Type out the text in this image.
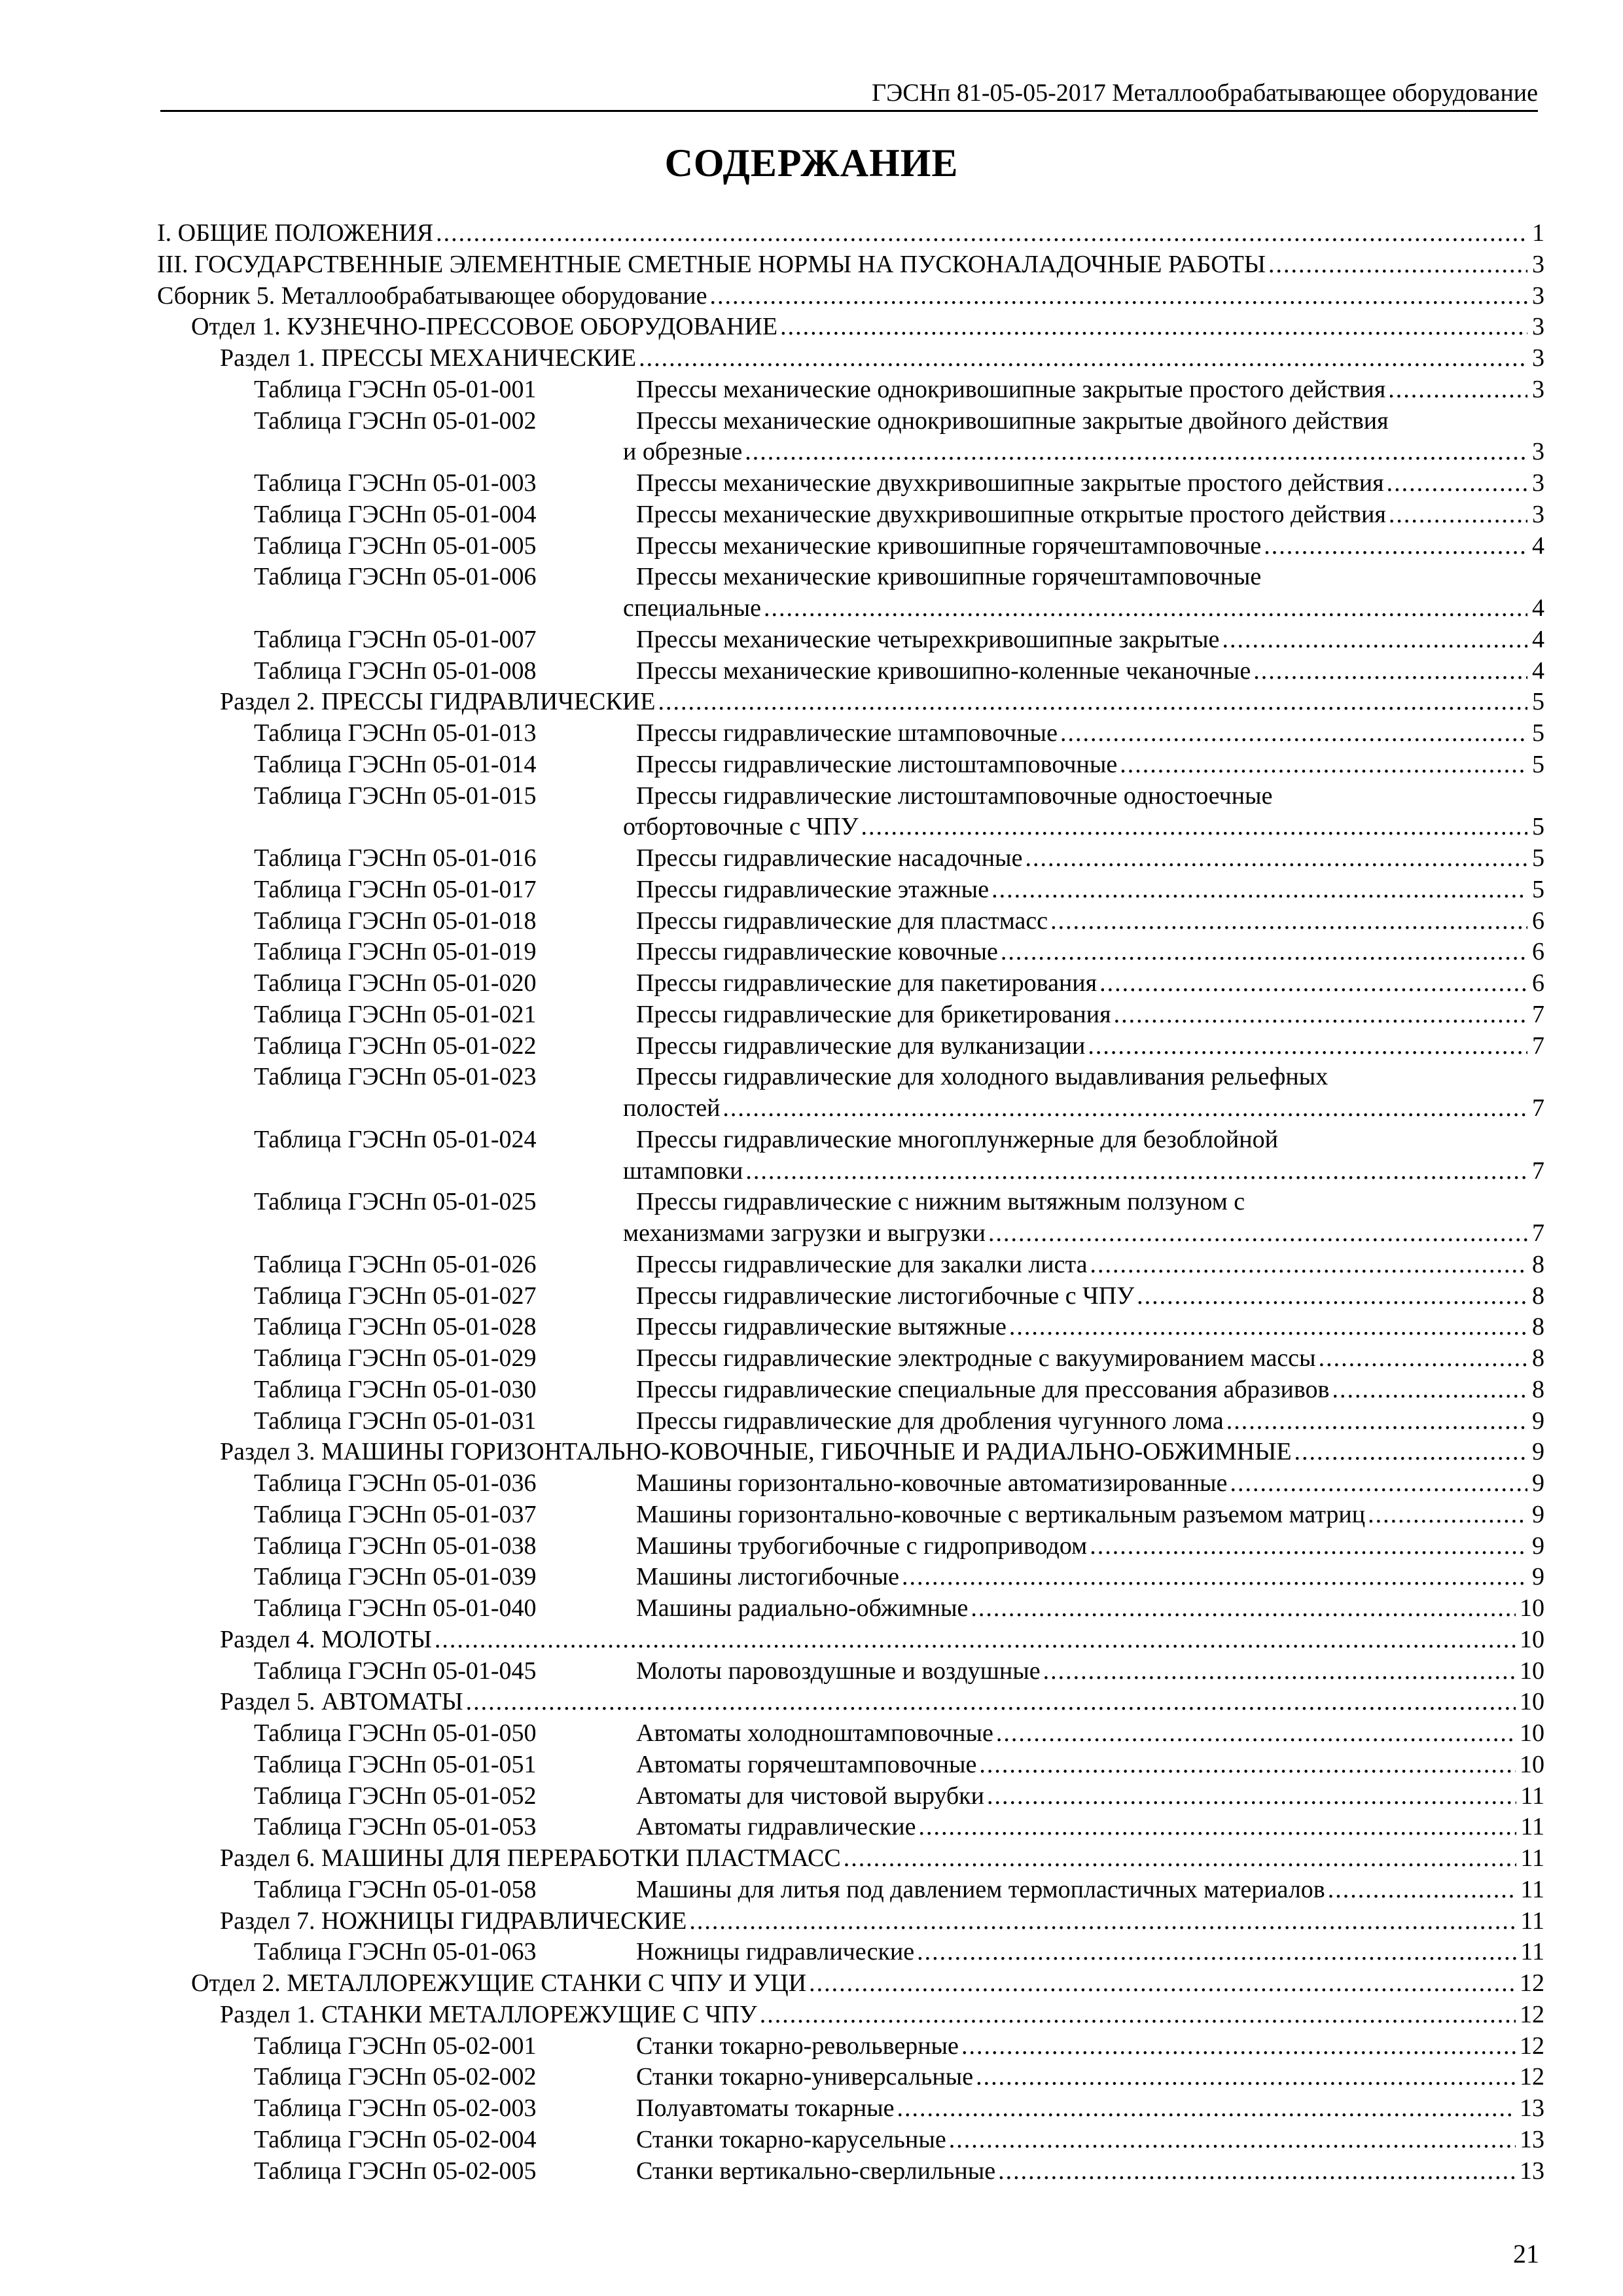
ГЭСНп 81-05-05-2017 Металлообрабатывающее оборудование
СОДЕРЖАНИЕ
I. ОБЩИЕ ПОЛОЖЕНИЯ .....	1
III. ГОСУДАРСТВЕННЫЕ ЭЛЕМЕНТНЫЕ СМЕТНЫЕ НОРМЫ НА ПУСКОНАЛАДОЧНЫЕ РАБОТЫ .....	3
Сборник 5. Металлообрабатывающее оборудование .....	3
Отдел 1. КУЗНЕЧНО-ПРЕССОВОЕ ОБОРУДОВАНИЕ .....	3
Раздел 1. ПРЕССЫ МЕХАНИЧЕСКИЕ .....	3
Таблица ГЭСНп 05-01-001	Прессы механические однокривошипные закрытые простого действия .....	3
Таблица ГЭСНп 05-01-002	Прессы механические однокривошипные закрытые двойного действия
и обрезные .....	3
Таблица ГЭСНп 05-01-003	Прессы механические двухкривошипные закрытые простого действия .....	3
Таблица ГЭСНп 05-01-004	Прессы механические двухкривошипные открытые простого действия .....	3
Таблица ГЭСНп 05-01-005	Прессы механические кривошипные горячештамповочные .....	4
Таблица ГЭСНп 05-01-006	Прессы механические кривошипные горячештамповочные
специальные .....	4
Таблица ГЭСНп 05-01-007	Прессы механические четырехкривошипные закрытые .....	4
Таблица ГЭСНп 05-01-008	Прессы механические кривошипно-коленные чеканочные .....	4
Раздел 2. ПРЕССЫ ГИДРАВЛИЧЕСКИЕ .....	5
Таблица ГЭСНп 05-01-013	Прессы гидравлические штамповочные .....	5
Таблица ГЭСНп 05-01-014	Прессы гидравлические листоштамповочные .....	5
Таблица ГЭСНп 05-01-015	Прессы гидравлические листоштамповочные одностоечные
отбортовочные с ЧПУ .....	5
Таблица ГЭСНп 05-01-016	Прессы гидравлические насадочные .....	5
Таблица ГЭСНп 05-01-017	Прессы гидравлические этажные .....	5
Таблица ГЭСНп 05-01-018	Прессы гидравлические для пластмасс .....	6
Таблица ГЭСНп 05-01-019	Прессы гидравлические ковочные .....	6
Таблица ГЭСНп 05-01-020	Прессы гидравлические для пакетирования .....	6
Таблица ГЭСНп 05-01-021	Прессы гидравлические для брикетирования .....	7
Таблица ГЭСНп 05-01-022	Прессы гидравлические для вулканизации .....	7
Таблица ГЭСНп 05-01-023	Прессы гидравлические для холодного выдавливания рельефных
полостей .....	7
Таблица ГЭСНп 05-01-024	Прессы гидравлические многоплунжерные для безоблойной
штамповки .....	7
Таблица ГЭСНп 05-01-025	Прессы гидравлические с нижним вытяжным ползуном с
механизмами загрузки и выгрузки .....	7
Таблица ГЭСНп 05-01-026	Прессы гидравлические для закалки листа .....	8
Таблица ГЭСНп 05-01-027	Прессы гидравлические листогибочные с ЧПУ .....	8
Таблица ГЭСНп 05-01-028	Прессы гидравлические вытяжные .....	8
Таблица ГЭСНп 05-01-029	Прессы гидравлические электродные с вакуумированием массы .....	8
Таблица ГЭСНп 05-01-030	Прессы гидравлические специальные для прессования абразивов .....	8
Таблица ГЭСНп 05-01-031	Прессы гидравлические для дробления чугунного лома .....	9
Раздел 3. МАШИНЫ ГОРИЗОНТАЛЬНО-КОВОЧНЫЕ, ГИБОЧНЫЕ И РАДИАЛЬНО-ОБЖИМНЫЕ .....	9
Таблица ГЭСНп 05-01-036	Машины горизонтально-ковочные автоматизированные .....	9
Таблица ГЭСНп 05-01-037	Машины горизонтально-ковочные с вертикальным разъемом матриц .....	9
Таблица ГЭСНп 05-01-038	Машины трубогибочные с гидроприводом .....	9
Таблица ГЭСНп 05-01-039	Машины листогибочные .....	9
Таблица ГЭСНп 05-01-040	Машины радиально-обжимные .....	10
Раздел 4. МОЛОТЫ .....	10
Таблица ГЭСНп 05-01-045	Молоты паровоздушные и воздушные .....	10
Раздел 5. АВТОМАТЫ .....	10
Таблица ГЭСНп 05-01-050	Автоматы холодноштамповочные .....	10
Таблица ГЭСНп 05-01-051	Автоматы горячештамповочные .....	10
Таблица ГЭСНп 05-01-052	Автоматы для чистовой вырубки .....	11
Таблица ГЭСНп 05-01-053	Автоматы гидравлические .....	11
Раздел 6. МАШИНЫ ДЛЯ ПЕРЕРАБОТКИ ПЛАСТМАСС .....	11
Таблица ГЭСНп 05-01-058	Машины для литья под давлением термопластичных материалов .....	11
Раздел 7. НОЖНИЦЫ ГИДРАВЛИЧЕСКИЕ .....	11
Таблица ГЭСНп 05-01-063	Ножницы гидравлические .....	11
Отдел 2. МЕТАЛЛОРЕЖУЩИЕ СТАНКИ С ЧПУ И УЦИ .....	12
Раздел 1. СТАНКИ МЕТАЛЛОРЕЖУЩИЕ С ЧПУ .....	12
Таблица ГЭСНп 05-02-001	Станки токарно-револьверные .....	12
Таблица ГЭСНп 05-02-002	Станки токарно-универсальные .....	12
Таблица ГЭСНп 05-02-003	Полуавтоматы токарные .....	13
Таблица ГЭСНп 05-02-004	Станки токарно-карусельные .....	13
Таблица ГЭСНп 05-02-005	Станки вертикально-сверлильные .....	13
21
